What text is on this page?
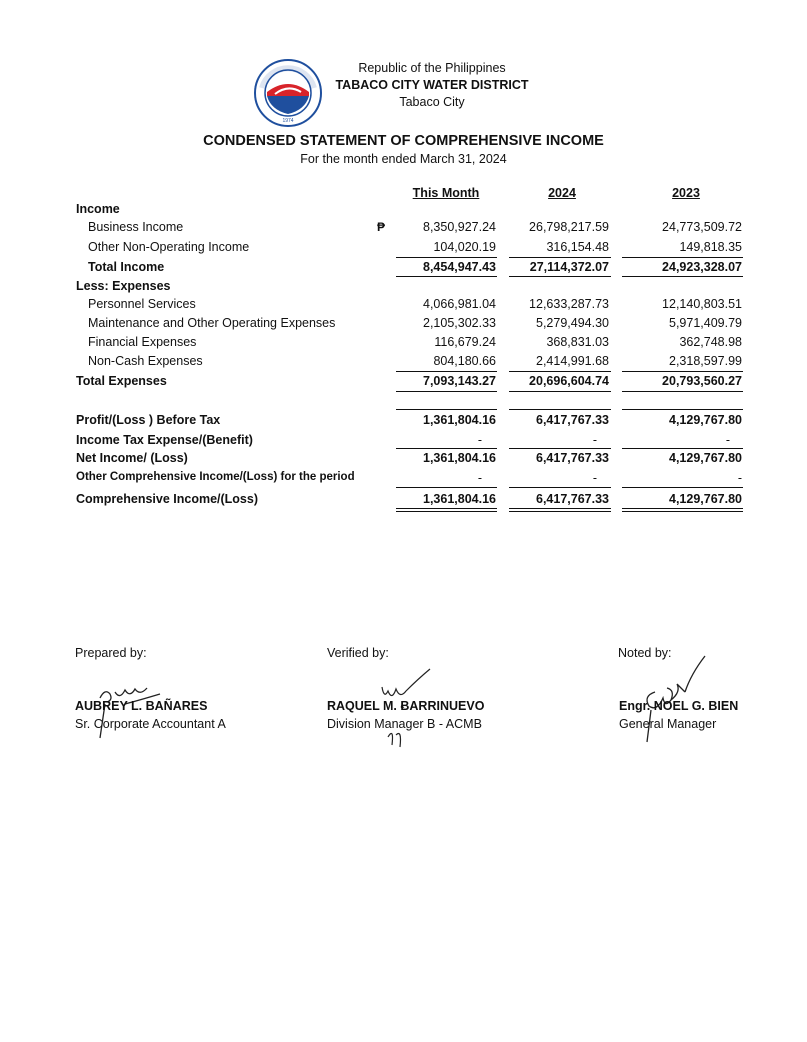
1974
Republic of the Philippines
TABACO CITY WATER DISTRICT
Tabaco City
CONDENSED STATEMENT OF COMPREHENSIVE INCOME
For the month ended March 31, 2024
This Month	2024	2023
Income
Business Income	₱	8,350,927.24	26,798,217.59	24,773,509.72
Other Non-Operating Income	104,020.19	316,154.48	149,818.35
Total Income	8,454,947.43	27,114,372.07	24,923,328.07
Less: Expenses
Personnel Services	4,066,981.04	12,633,287.73	12,140,803.51
Maintenance and Other Operating Expenses	2,105,302.33	5,279,494.30	5,971,409.79
Financial Expenses	116,679.24	368,831.03	362,748.98
Non-Cash Expenses	804,180.66	2,414,991.68	2,318,597.99
Total Expenses	7,093,143.27	20,696,604.74	20,793,560.27
Profit/(Loss ) Before Tax	1,361,804.16	6,417,767.33	4,129,767.80
Income Tax Expense/(Benefit)	-	-	-
Net Income/ (Loss)	1,361,804.16	6,417,767.33	4,129,767.80
Other Comprehensive Income/(Loss) for the period	-	-	-
Comprehensive Income/(Loss)	1,361,804.16	6,417,767.33	4,129,767.80
Prepared by:
AUBREY L. BAÑARES
Sr. Corporate Accountant A
Verified by:
RAQUEL M. BARRINUEVO
Division Manager B - ACMB
Noted by:
Engr. NOEL G. BIEN
General Manager
